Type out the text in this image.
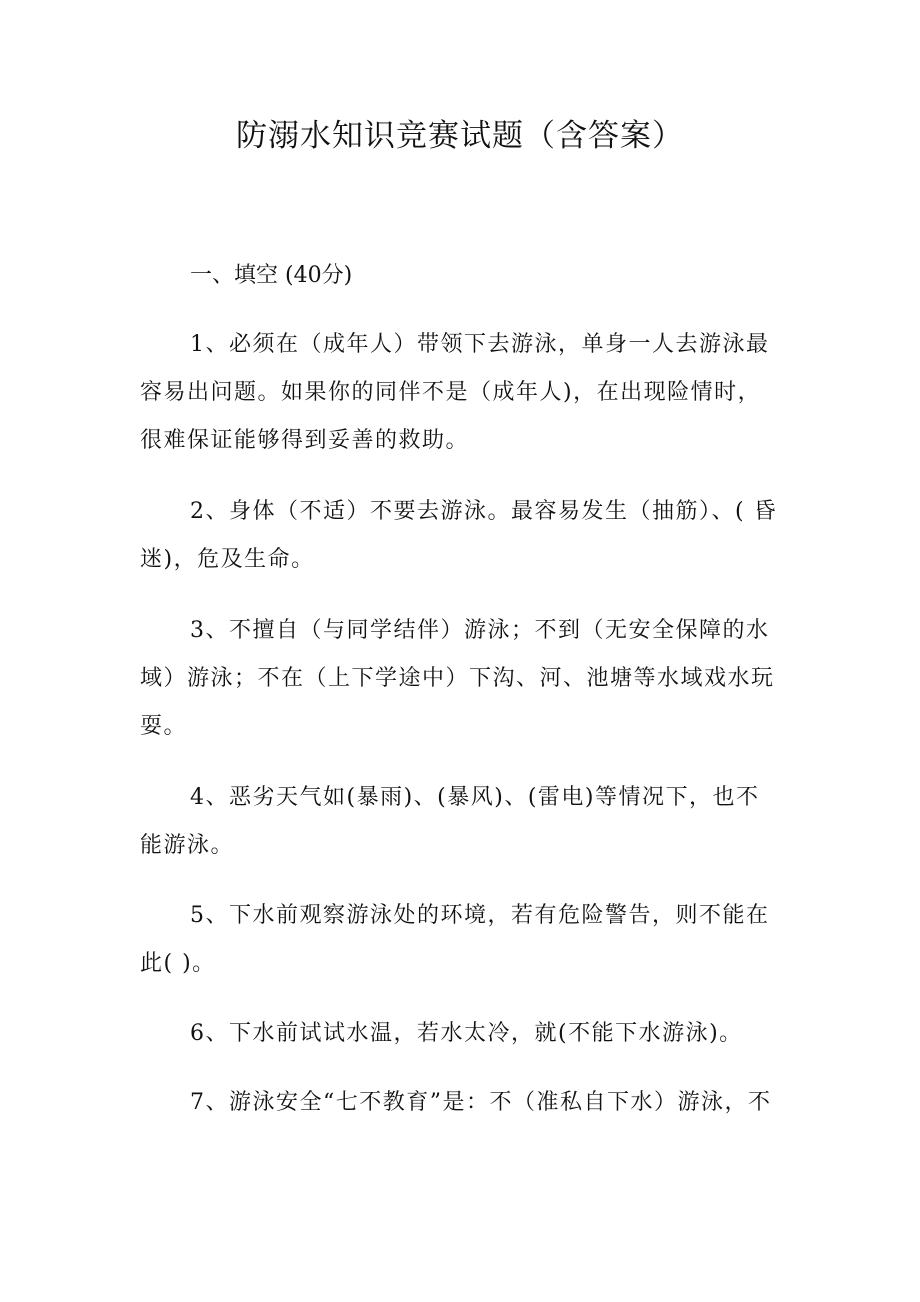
防溺水知识竞赛试题（含答案）
一、填空 (40分)

1、必须在（成年人）带领下去游泳，单身一人去游泳最容易出问题。如果你的同伴不是（成年人)，在出现险情时，很难保证能够得到妥善的救助。

2、身体（不适）不要去游泳。最容易发生（抽筋）、( 昏迷)，危及生命。

3、不擅自（与同学结伴）游泳；不到（无安全保障的水域）游泳；不在（上下学途中）下沟、河、池塘等水域戏水玩耍。

4、恶劣天气如(暴雨)、(暴风)、(雷电)等情况下，也不能游泳。

5、下水前观察游泳处的环境，若有危险警告，则不能在此( )。

6、下水前试试水温，若水太冷，就(不能下水游泳)。

7、游泳安全“七不教育”是：不（准私自下水）游泳，不
